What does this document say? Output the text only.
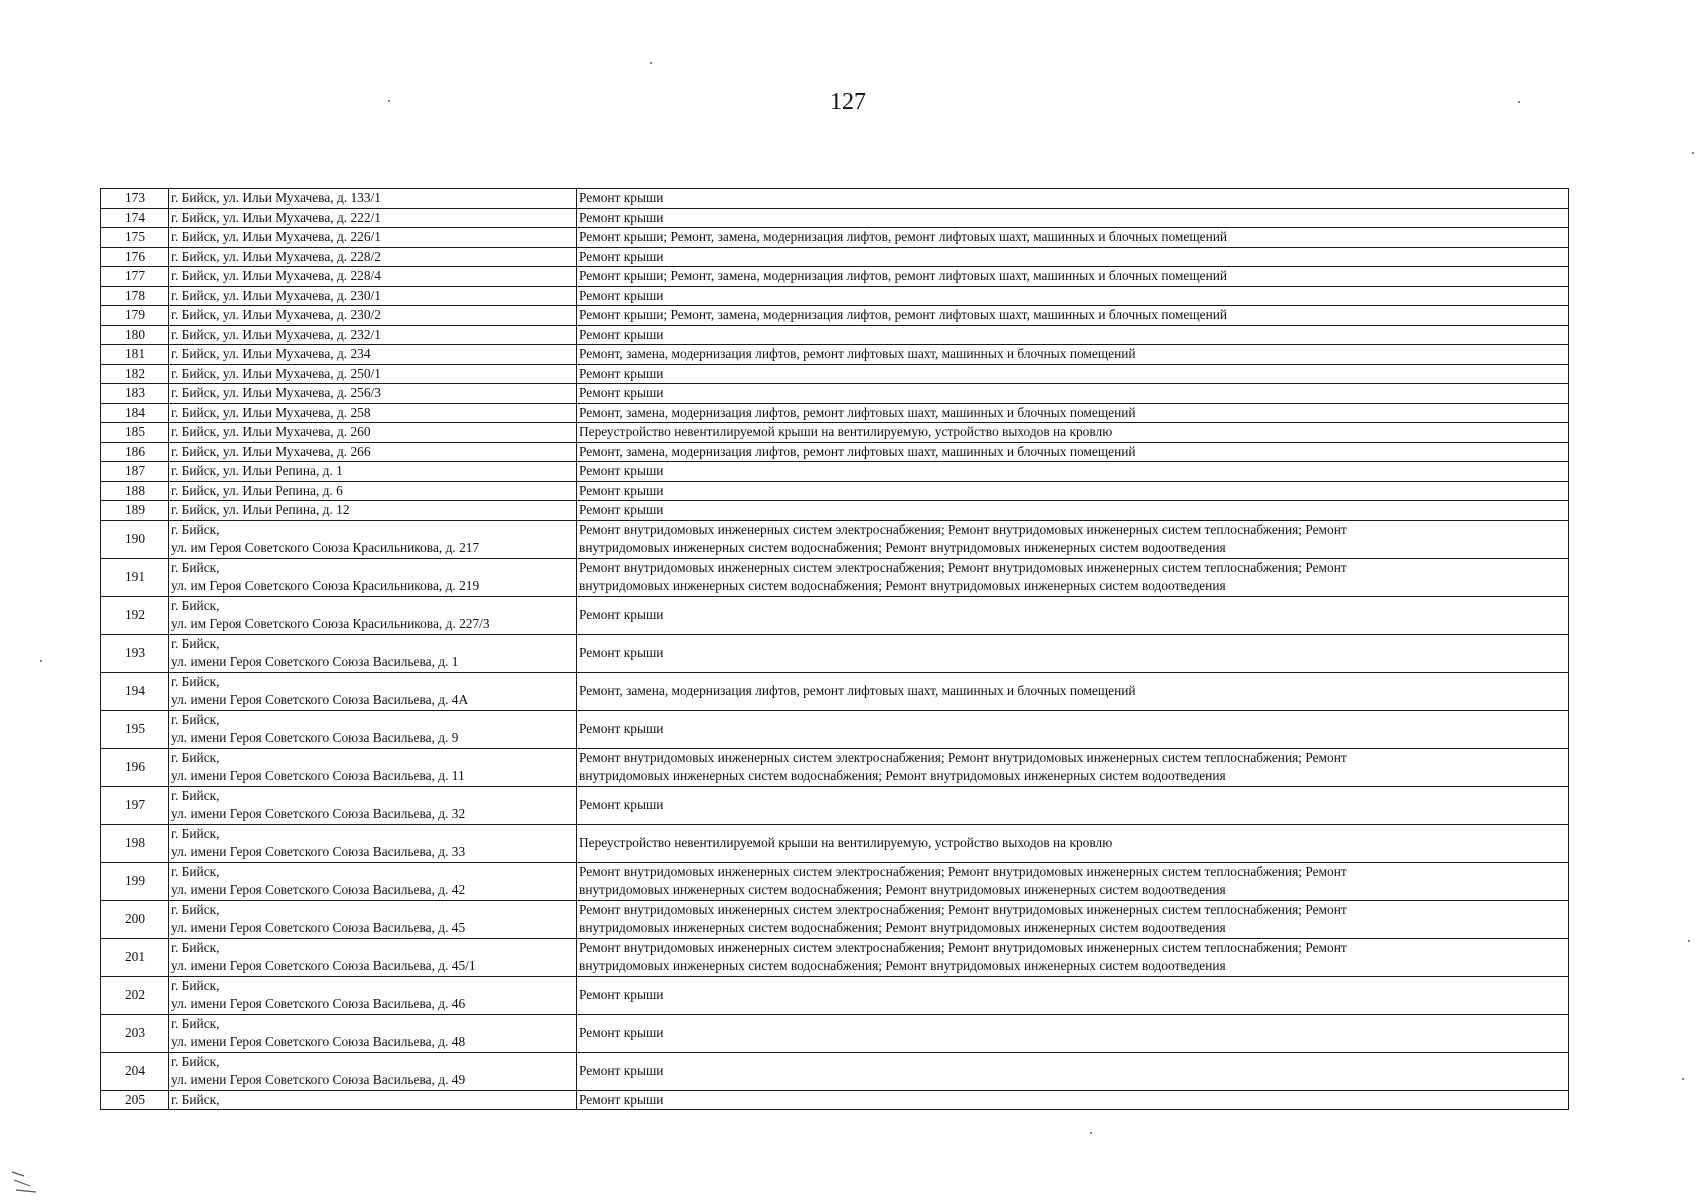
127
173	г. Бийск, ул. Ильи Мухачева, д. 133/1	Ремонт крыши

174	г. Бийск, ул. Ильи Мухачева, д. 222/1	Ремонт крыши

175	г. Бийск, ул. Ильи Мухачева, д. 226/1	Ремонт крыши; Ремонт, замена, модернизация лифтов, ремонт лифтовых шахт, машинных и блочных помещений

176	г. Бийск, ул. Ильи Мухачева, д. 228/2	Ремонт крыши

177	г. Бийск, ул. Ильи Мухачева, д. 228/4	Ремонт крыши; Ремонт, замена, модернизация лифтов, ремонт лифтовых шахт, машинных и блочных помещений

178	г. Бийск, ул. Ильи Мухачева, д. 230/1	Ремонт крыши

179	г. Бийск, ул. Ильи Мухачева, д. 230/2	Ремонт крыши; Ремонт, замена, модернизация лифтов, ремонт лифтовых шахт, машинных и блочных помещений

180	г. Бийск, ул. Ильи Мухачева, д. 232/1	Ремонт крыши

181	г. Бийск, ул. Ильи Мухачева, д. 234	Ремонт, замена, модернизация лифтов, ремонт лифтовых шахт, машинных и блочных помещений

182	г. Бийск, ул. Ильи Мухачева, д. 250/1	Ремонт крыши

183	г. Бийск, ул. Ильи Мухачева, д. 256/3	Ремонт крыши

184	г. Бийск, ул. Ильи Мухачева, д. 258	Ремонт, замена, модернизация лифтов, ремонт лифтовых шахт, машинных и блочных помещений

185	г. Бийск, ул. Ильи Мухачева, д. 260	Переустройство невентилируемой крыши на вентилируемую, устройство выходов на кровлю

186	г. Бийск, ул. Ильи Мухачева, д. 266	Ремонт, замена, модернизация лифтов, ремонт лифтовых шахт, машинных и блочных помещений

187	г. Бийск, ул. Ильи Репина, д. 1	Ремонт крыши

188	г. Бийск, ул. Ильи Репина, д. 6	Ремонт крыши

189	г. Бийск, ул. Ильи Репина, д. 12	Ремонт крыши

190	г. Бийск,
ул. им Героя Советского Союза Красильникова, д. 217	Ремонт внутридомовых инженерных систем электроснабжения; Ремонт внутридомовых инженерных систем теплоснабжения; Ремонт
внутридомовых инженерных систем водоснабжения; Ремонт внутридомовых инженерных систем водоотведения

191	г. Бийск,
ул. им Героя Советского Союза Красильникова, д. 219	Ремонт внутридомовых инженерных систем электроснабжения; Ремонт внутридомовых инженерных систем теплоснабжения; Ремонт
внутридомовых инженерных систем водоснабжения; Ремонт внутридомовых инженерных систем водоотведения

192	г. Бийск,
ул. им Героя Советского Союза Красильникова, д. 227/3	Ремонт крыши

193	г. Бийск,
ул. имени Героя Советского Союза Васильева, д. 1	Ремонт крыши

194	г. Бийск,
ул. имени Героя Советского Союза Васильева, д. 4А	Ремонт, замена, модернизация лифтов, ремонт лифтовых шахт, машинных и блочных помещений

195	г. Бийск,
ул. имени Героя Советского Союза Васильева, д. 9	Ремонт крыши

196	г. Бийск,
ул. имени Героя Советского Союза Васильева, д. 11	Ремонт внутридомовых инженерных систем электроснабжения; Ремонт внутридомовых инженерных систем теплоснабжения; Ремонт
внутридомовых инженерных систем водоснабжения; Ремонт внутридомовых инженерных систем водоотведения

197	г. Бийск,
ул. имени Героя Советского Союза Васильева, д. 32	Ремонт крыши

198	г. Бийск,
ул. имени Героя Советского Союза Васильева, д. 33	Переустройство невентилируемой крыши на вентилируемую, устройство выходов на кровлю

199	г. Бийск,
ул. имени Героя Советского Союза Васильева, д. 42	Ремонт внутридомовых инженерных систем электроснабжения; Ремонт внутридомовых инженерных систем теплоснабжения; Ремонт
внутридомовых инженерных систем водоснабжения; Ремонт внутридомовых инженерных систем водоотведения

200	г. Бийск,
ул. имени Героя Советского Союза Васильева, д. 45	Ремонт внутридомовых инженерных систем электроснабжения; Ремонт внутридомовых инженерных систем теплоснабжения; Ремонт
внутридомовых инженерных систем водоснабжения; Ремонт внутридомовых инженерных систем водоотведения

201	г. Бийск,
ул. имени Героя Советского Союза Васильева, д. 45/1	Ремонт внутридомовых инженерных систем электроснабжения; Ремонт внутридомовых инженерных систем теплоснабжения; Ремонт
внутридомовых инженерных систем водоснабжения; Ремонт внутридомовых инженерных систем водоотведения

202	г. Бийск,
ул. имени Героя Советского Союза Васильева, д. 46	Ремонт крыши

203	г. Бийск,
ул. имени Героя Советского Союза Васильева, д. 48	Ремонт крыши

204	г. Бийск,
ул. имени Героя Советского Союза Васильева, д. 49	Ремонт крыши

205	г. Бийск,	Ремонт крыши
